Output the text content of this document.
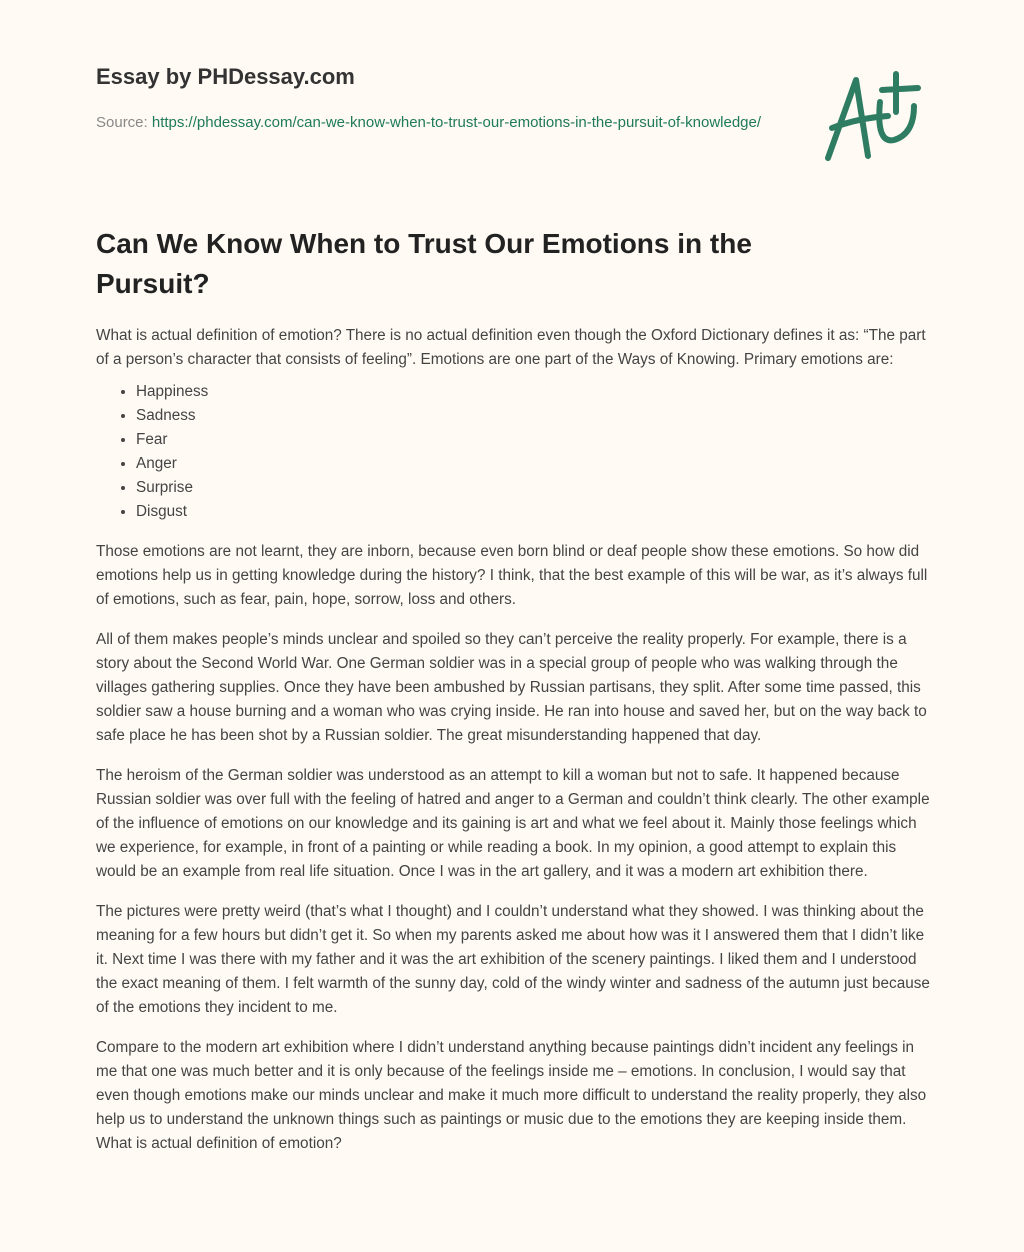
Essay by PHDessay.com
Source: https://phdessay.com/can-we-know-when-to-trust-our-emotions-in-the-pursuit-of-knowledge/
Can We Know When to Trust Our Emotions in the Pursuit?

What is actual definition of emotion? There is no actual definition even though the Oxford Dictionary defines it as: “The part of a person’s character that consists of feeling”. Emotions are one part of the Ways of Knowing. Primary emotions are:

• Happiness
• Sadness
• Fear
• Anger
• Surprise
• Disgust

Those emotions are not learnt, they are inborn, because even born blind or deaf people show these emotions. So how did emotions help us in getting knowledge during the history? I think, that the best example of this will be war, as it’s always full of emotions, such as fear, pain, hope, sorrow, loss and others.

All of them makes people’s minds unclear and spoiled so they can’t perceive the reality properly. For example, there is a story about the Second World War. One German soldier was in a special group of people who was walking through the villages gathering supplies. Once they have been ambushed by Russian partisans, they split. After some time passed, this soldier saw a house burning and a woman who was crying inside. He ran into house and saved her, but on the way back to safe place he has been shot by a Russian soldier. The great misunderstanding happened that day.

The heroism of the German soldier was understood as an attempt to kill a woman but not to safe. It happened because Russian soldier was over full with the feeling of hatred and anger to a German and couldn’t think clearly. The other example of the influence of emotions on our knowledge and its gaining is art and what we feel about it. Mainly those feelings which we experience, for example, in front of a painting or while reading a book. In my opinion, a good attempt to explain this would be an example from real life situation. Once I was in the art gallery, and it was a modern art exhibition there.

The pictures were pretty weird (that’s what I thought) and I couldn’t understand what they showed. I was thinking about the meaning for a few hours but didn’t get it. So when my parents asked me about how was it I answered them that I didn’t like it. Next time I was there with my father and it was the art exhibition of the scenery paintings. I liked them and I understood the exact meaning of them. I felt warmth of the sunny day, cold of the windy winter and sadness of the autumn just because of the emotions they incident to me.

Compare to the modern art exhibition where I didn’t understand anything because paintings didn’t incident any feelings in me that one was much better and it is only because of the feelings inside me – emotions. In conclusion, I would say that even though emotions make our minds unclear and make it much more difficult to understand the reality properly, they also help us to understand the unknown things such as paintings or music due to the emotions they are keeping inside them. What is actual definition of emotion?
